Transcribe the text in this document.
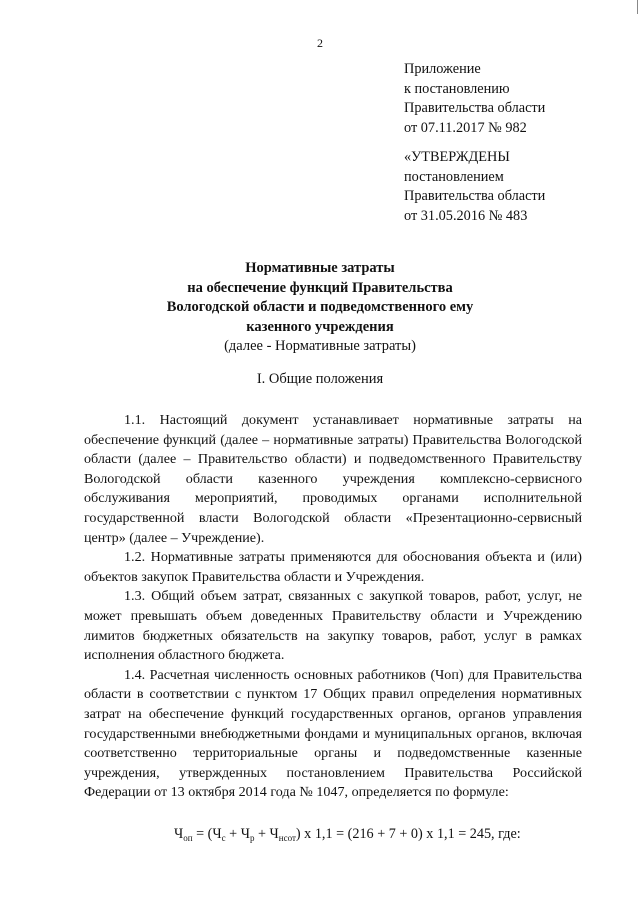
2
Приложение
к постановлению
Правительства области
от 07.11.2017 № 982
«УТВЕРЖДЕНЫ
постановлением
Правительства области
от 31.05.2016 № 483
Нормативные затраты
на обеспечение функций Правительства
Вологодской области и подведомственного ему
казенного учреждения
(далее - Нормативные затраты)
I. Общие положения

1.1. Настоящий документ устанавливает нормативные затраты на обеспечение функций (далее – нормативные затраты) Правительства Вологодской области (далее – Правительство области) и подведомственного Правительству Вологодской области казенного учреждения комплексно-сервисного обслуживания мероприятий, проводимых органами исполнительной государственной власти Вологодской области «Презентационно-сервисный центр» (далее – Учреждение).

1.2. Нормативные затраты применяются для обоснования объекта и (или) объектов закупок Правительства области и Учреждения.

1.3. Общий объем затрат, связанных с закупкой товаров, работ, услуг, не может превышать объем доведенных Правительству области и Учреждению лимитов бюджетных обязательств на закупку товаров, работ, услуг в рамках исполнения областного бюджета.

1.4. Расчетная численность основных работников (Чоп) для Правительства области в соответствии с пунктом 17 Общих правил определения нормативных затрат на обеспечение функций государственных органов, органов управления государственными внебюджетными фондами и муниципальных органов, включая соответственно территориальные органы и подведомственные казенные учреждения, утвержденных постановлением Правительства Российской Федерации от 13 октября 2014 года № 1047, определяется по формуле:

$Ч_{оп} = (Ч_с + Ч_р + Ч_{нсот})$ x 1,1 = (216 + 7 + 0) x 1,1 = 245, где:
